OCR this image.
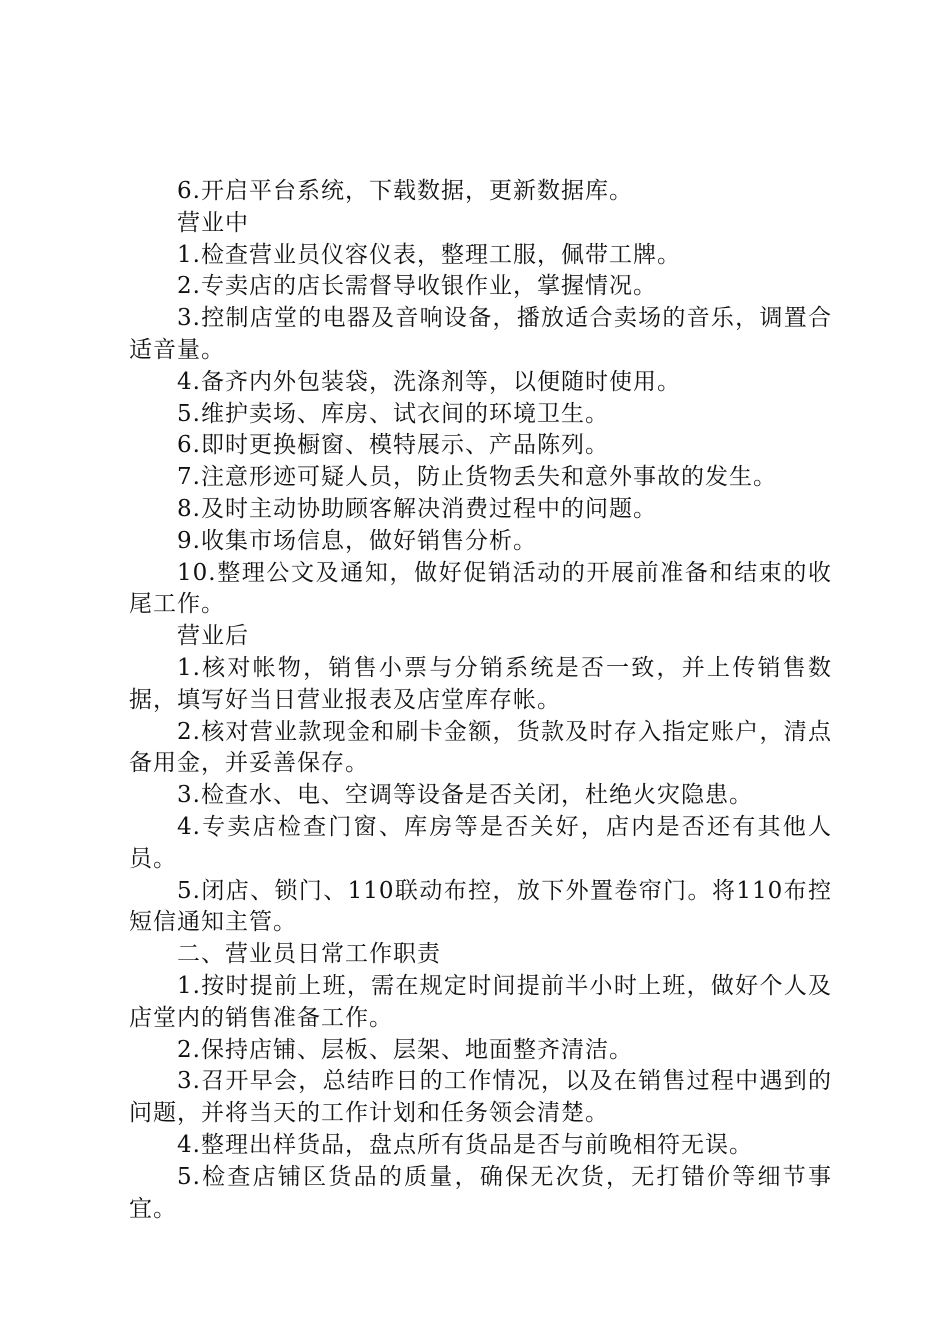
6.开启平台系统，下载数据，更新数据库。

营业中

1.检查营业员仪容仪表，整理工服，佩带工牌。

2.专卖店的店长需督导收银作业，掌握情况。

3.控制店堂的电器及音响设备，播放适合卖场的音乐，调置合适音量。

4.备齐内外包装袋，洗涤剂等，以便随时使用。

5.维护卖场、库房、试衣间的环境卫生。

6.即时更换橱窗、模特展示、产品陈列。

7.注意形迹可疑人员，防止货物丢失和意外事故的发生。

8.及时主动协助顾客解决消费过程中的问题。

9.收集市场信息，做好销售分析。

10.整理公文及通知，做好促销活动的开展前准备和结束的收尾工作。

营业后

1.核对帐物，销售小票与分销系统是否一致，并上传销售数据，填写好当日营业报表及店堂库存帐。

2.核对营业款现金和刷卡金额，货款及时存入指定账户，清点备用金，并妥善保存。

3.检查水、电、空调等设备是否关闭，杜绝火灾隐患。

4.专卖店检查门窗、库房等是否关好，店内是否还有其他人员。

5.闭店、锁门、110联动布控，放下外置卷帘门。将110布控短信通知主管。

二、营业员日常工作职责

1.按时提前上班，需在规定时间提前半小时上班，做好个人及店堂内的销售准备工作。

2.保持店铺、层板、层架、地面整齐清洁。

3.召开早会，总结昨日的工作情况，以及在销售过程中遇到的问题，并将当天的工作计划和任务领会清楚。

4.整理出样货品，盘点所有货品是否与前晚相符无误。

5.检查店铺区货品的质量，确保无次货，无打错价等细节事宜。
